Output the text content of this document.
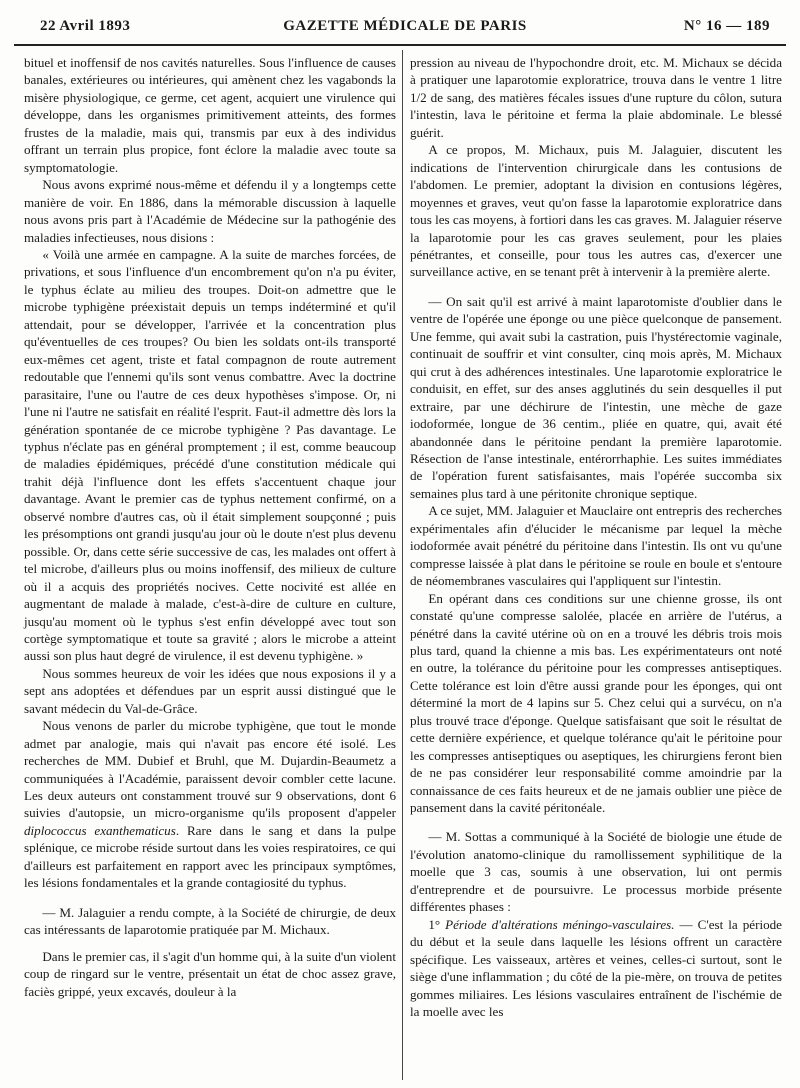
22 Avril 1893	GAZETTE MÉDICALE DE PARIS	N° 16 — 189

bituel et inoffensif de nos cavités naturelles. Sous l'influence de causes banales, extérieures ou intérieures, qui amènent chez les vagabonds la misère physiologique, ce germe, cet agent, acquiert une virulence qui développe, dans les organismes primitivement atteints, des formes frustes de la maladie, mais qui, transmis par eux à des individus offrant un terrain plus propice, font éclore la maladie avec toute sa symptomatologie.

Nous avons exprimé nous-même et défendu il y a longtemps cette manière de voir. En 1886, dans la mémorable discussion à laquelle nous avons pris part à l'Académie de Médecine sur la pathogénie des maladies infectieuses, nous disions :

« Voilà une armée en campagne. A la suite de marches forcées, de privations, et sous l'influence d'un encombrement qu'on n'a pu éviter, le typhus éclate au milieu des troupes. Doit-on admettre que le microbe typhigène préexistait depuis un temps indéterminé et qu'il attendait, pour se développer, l'arrivée et la concentration plus qu'éventuelles de ces troupes? Ou bien les soldats ont-ils transporté eux-mêmes cet agent, triste et fatal compagnon de route autrement redoutable que l'ennemi qu'ils sont venus combattre. Avec la doctrine parasitaire, l'une ou l'autre de ces deux hypothèses s'impose. Or, ni l'une ni l'autre ne satisfait en réalité l'esprit. Faut-il admettre dès lors la génération spontanée de ce microbe typhigène ? Pas davantage. Le typhus n'éclate pas en général promptement ; il est, comme beaucoup de maladies épidémiques, précédé d'une constitution médicale qui trahit déjà l'influence dont les effets s'accentuent chaque jour davantage. Avant le premier cas de typhus nettement confirmé, on a observé nombre d'autres cas, où il était simplement soupçonné ; puis les présomptions ont grandi jusqu'au jour où le doute n'est plus devenu possible. Or, dans cette série successive de cas, les malades ont offert à tel microbe, d'ailleurs plus ou moins inoffensif, des milieux de culture où il a acquis des propriétés nocives. Cette nocivité est allée en augmentant de malade à malade, c'est-à-dire de culture en culture, jusqu'au moment où le typhus s'est enfin développé avec tout son cortège symptomatique et toute sa gravité ; alors le microbe a atteint aussi son plus haut degré de virulence, il est devenu typhigène. »

Nous sommes heureux de voir les idées que nous exposions il y a sept ans adoptées et défendues par un esprit aussi distingué que le savant médecin du Val-de-Grâce.

Nous venons de parler du microbe typhigène, que tout le monde admet par analogie, mais qui n'avait pas encore été isolé. Les recherches de MM. Dubief et Bruhl, que M. Dujardin-Beaumetz a communiquées à l'Académie, paraissent devoir combler cette lacune. Les deux auteurs ont constamment trouvé sur 9 observations, dont 6 suivies d'autopsie, un micro-organisme qu'ils proposent d'appeler diplococcus exanthematicus. Rare dans le sang et dans la pulpe splénique, ce microbe réside surtout dans les voies respiratoires, ce qui d'ailleurs est parfaitement en rapport avec les principaux symptômes, les lésions fondamentales et la grande contagiosité du typhus.

— M. Jalaguier a rendu compte, à la Société de chirurgie, de deux cas intéressants de laparotomie pratiquée par M. Michaux.

Dans le premier cas, il s'agit d'un homme qui, à la suite d'un violent coup de ringard sur le ventre, présentait un état de choc assez grave, faciès grippé, yeux excavés, douleur à la

pression au niveau de l'hypochondre droit, etc. M. Michaux se décida à pratiquer une laparotomie exploratrice, trouva dans le ventre 1 litre 1/2 de sang, des matières fécales issues d'une rupture du côlon, sutura l'intestin, lava le péritoine et ferma la plaie abdominale. Le blessé guérit.

A ce propos, M. Michaux, puis M. Jalaguier, discutent les indications de l'intervention chirurgicale dans les contusions de l'abdomen. Le premier, adoptant la division en contusions légères, moyennes et graves, veut qu'on fasse la laparotomie exploratrice dans tous les cas moyens, à fortiori dans les cas graves. M. Jalaguier réserve la laparotomie pour les cas graves seulement, pour les plaies pénétrantes, et conseille, pour tous les autres cas, d'exercer une surveillance active, en se tenant prêt à intervenir à la première alerte.

— On sait qu'il est arrivé à maint laparotomiste d'oublier dans le ventre de l'opérée une éponge ou une pièce quelconque de pansement. Une femme, qui avait subi la castration, puis l'hystérectomie vaginale, continuait de souffrir et vint consulter, cinq mois après, M. Michaux qui crut à des adhérences intestinales. Une laparotomie exploratrice le conduisit, en effet, sur des anses agglutinés du sein desquelles il put extraire, par une déchirure de l'intestin, une mèche de gaze iodoformée, longue de 36 centim., pliée en quatre, qui, avait été abandonnée dans le péritoine pendant la première laparotomie. Résection de l'anse intestinale, entérorrhaphie. Les suites immédiates de l'opération furent satisfaisantes, mais l'opérée succomba six semaines plus tard à une péritonite chronique septique.

A ce sujet, MM. Jalaguier et Mauclaire ont entrepris des recherches expérimentales afin d'élucider le mécanisme par lequel la mèche iodoformée avait pénétré du péritoine dans l'intestin. Ils ont vu qu'une compresse laissée à plat dans le péritoine se roule en boule et s'entoure de néomembranes vasculaires qui l'appliquent sur l'intestin.

En opérant dans ces conditions sur une chienne grosse, ils ont constaté qu'une compresse salolée, placée en arrière de l'utérus, a pénétré dans la cavité utérine où on en a trouvé les débris trois mois plus tard, quand la chienne a mis bas. Les expérimentateurs ont noté en outre, la tolérance du péritoine pour les compresses antiseptiques. Cette tolérance est loin d'être aussi grande pour les éponges, qui ont déterminé la mort de 4 lapins sur 5. Chez celui qui a survécu, on n'a plus trouvé trace d'éponge. Quelque satisfaisant que soit le résultat de cette dernière expérience, et quelque tolérance qu'ait le péritoine pour les compresses antiseptiques ou aseptiques, les chirurgiens feront bien de ne pas considérer leur responsabilité comme amoindrie par la connaissance de ces faits heureux et de ne jamais oublier une pièce de pansement dans la cavité péritonéale.

— M. Sottas a communiqué à la Société de biologie une étude de l'évolution anatomo-clinique du ramollissement syphilitique de la moelle que 3 cas, soumis à une observation, lui ont permis d'entreprendre et de poursuivre. Le processus morbide présente différentes phases :

1° Période d'altérations méningo-vasculaires. — C'est la période du début et la seule dans laquelle les lésions offrent un caractère spécifique. Les vaisseaux, artères et veines, celles-ci surtout, sont le siège d'une inflammation ; du côté de la pie-mère, on trouva de petites gommes miliaires. Les lésions vasculaires entraînent de l'ischémie de la moelle avec les
